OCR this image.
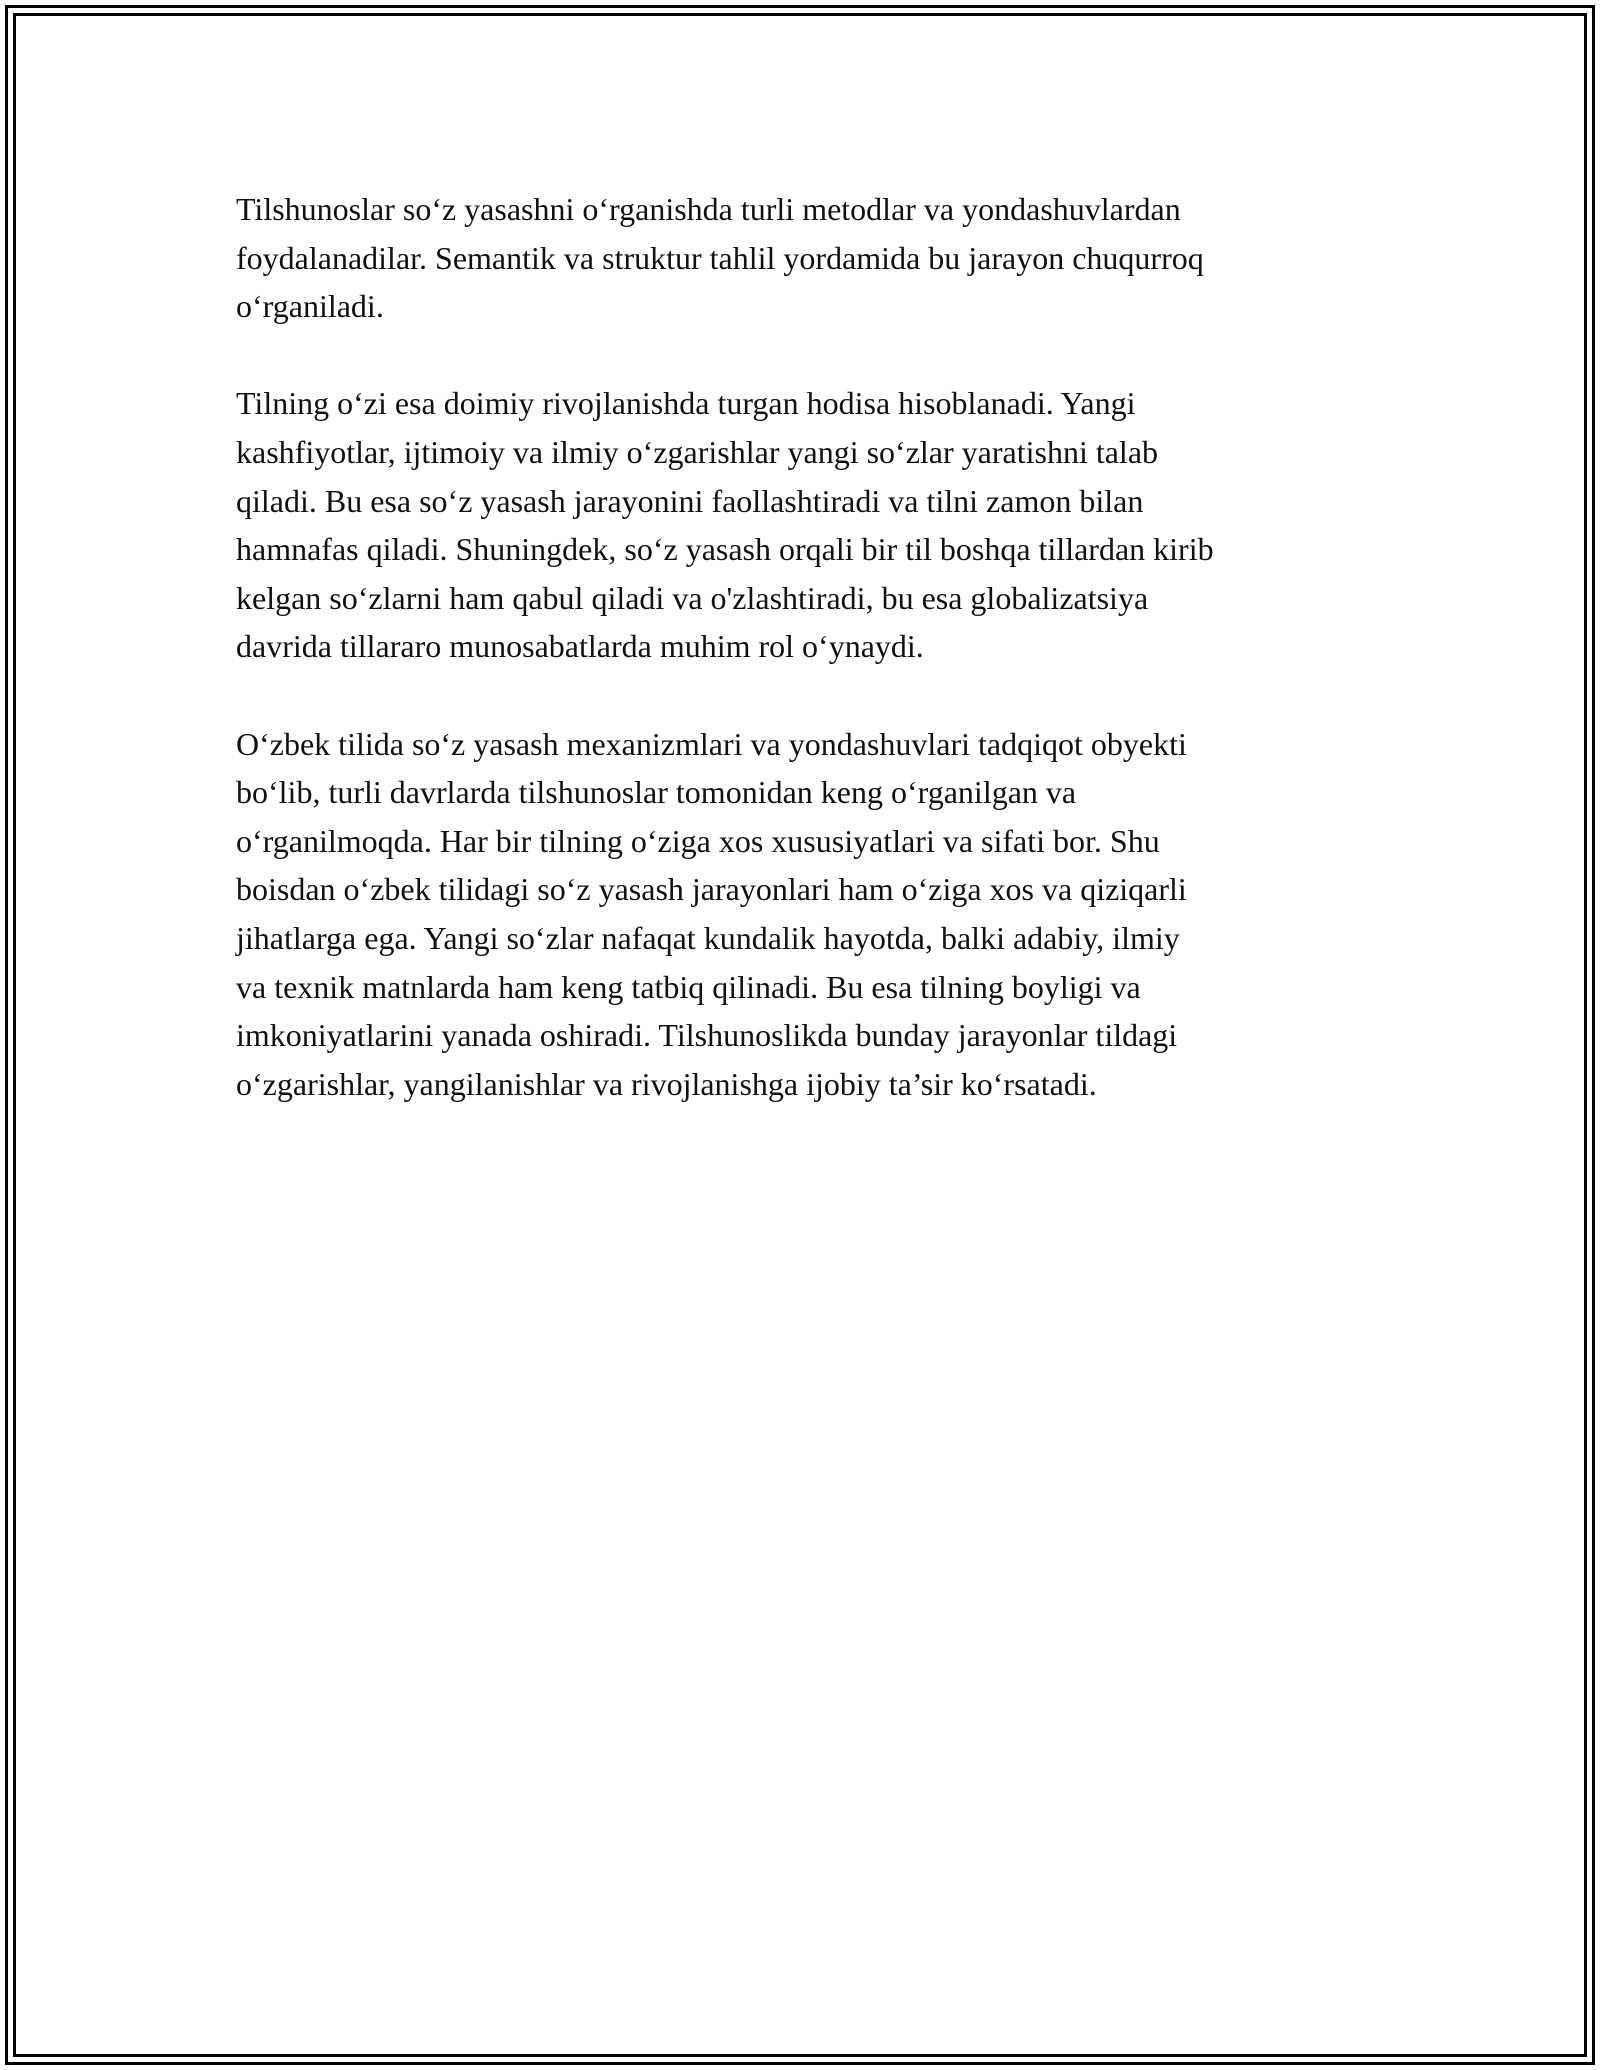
Tilshunoslar so‘z yasashni o‘rganishda turli metodlar va yondashuvlardan
foydalanadilar. Semantik va struktur tahlil yordamida bu jarayon chuqurroq
o‘rganiladi.

Tilning o‘zi esa doimiy rivojlanishda turgan hodisa hisoblanadi. Yangi
kashfiyotlar, ijtimoiy va ilmiy o‘zgarishlar yangi so‘zlar yaratishni talab
qiladi. Bu esa so‘z yasash jarayonini faollashtiradi va tilni zamon bilan
hamnafas qiladi. Shuningdek, so‘z yasash orqali bir til boshqa tillardan kirib
kelgan so‘zlarni ham qabul qiladi va o'zlashtiradi, bu esa globalizatsiya
davrida tillararo munosabatlarda muhim rol o‘ynaydi.

O‘zbek tilida so‘z yasash mexanizmlari va yondashuvlari tadqiqot obyekti
bo‘lib, turli davrlarda tilshunoslar tomonidan keng o‘rganilgan va
o‘rganilmoqda. Har bir tilning o‘ziga xos xususiyatlari va sifati bor. Shu
boisdan o‘zbek tilidagi so‘z yasash jarayonlari ham o‘ziga xos va qiziqarli
jihatlarga ega. Yangi so‘zlar nafaqat kundalik hayotda, balki adabiy, ilmiy
va texnik matnlarda ham keng tatbiq qilinadi. Bu esa tilning boyligi va
imkoniyatlarini yanada oshiradi. Tilshunoslikda bunday jarayonlar tildagi
o‘zgarishlar, yangilanishlar va rivojlanishga ijobiy ta’sir ko‘rsatadi.
